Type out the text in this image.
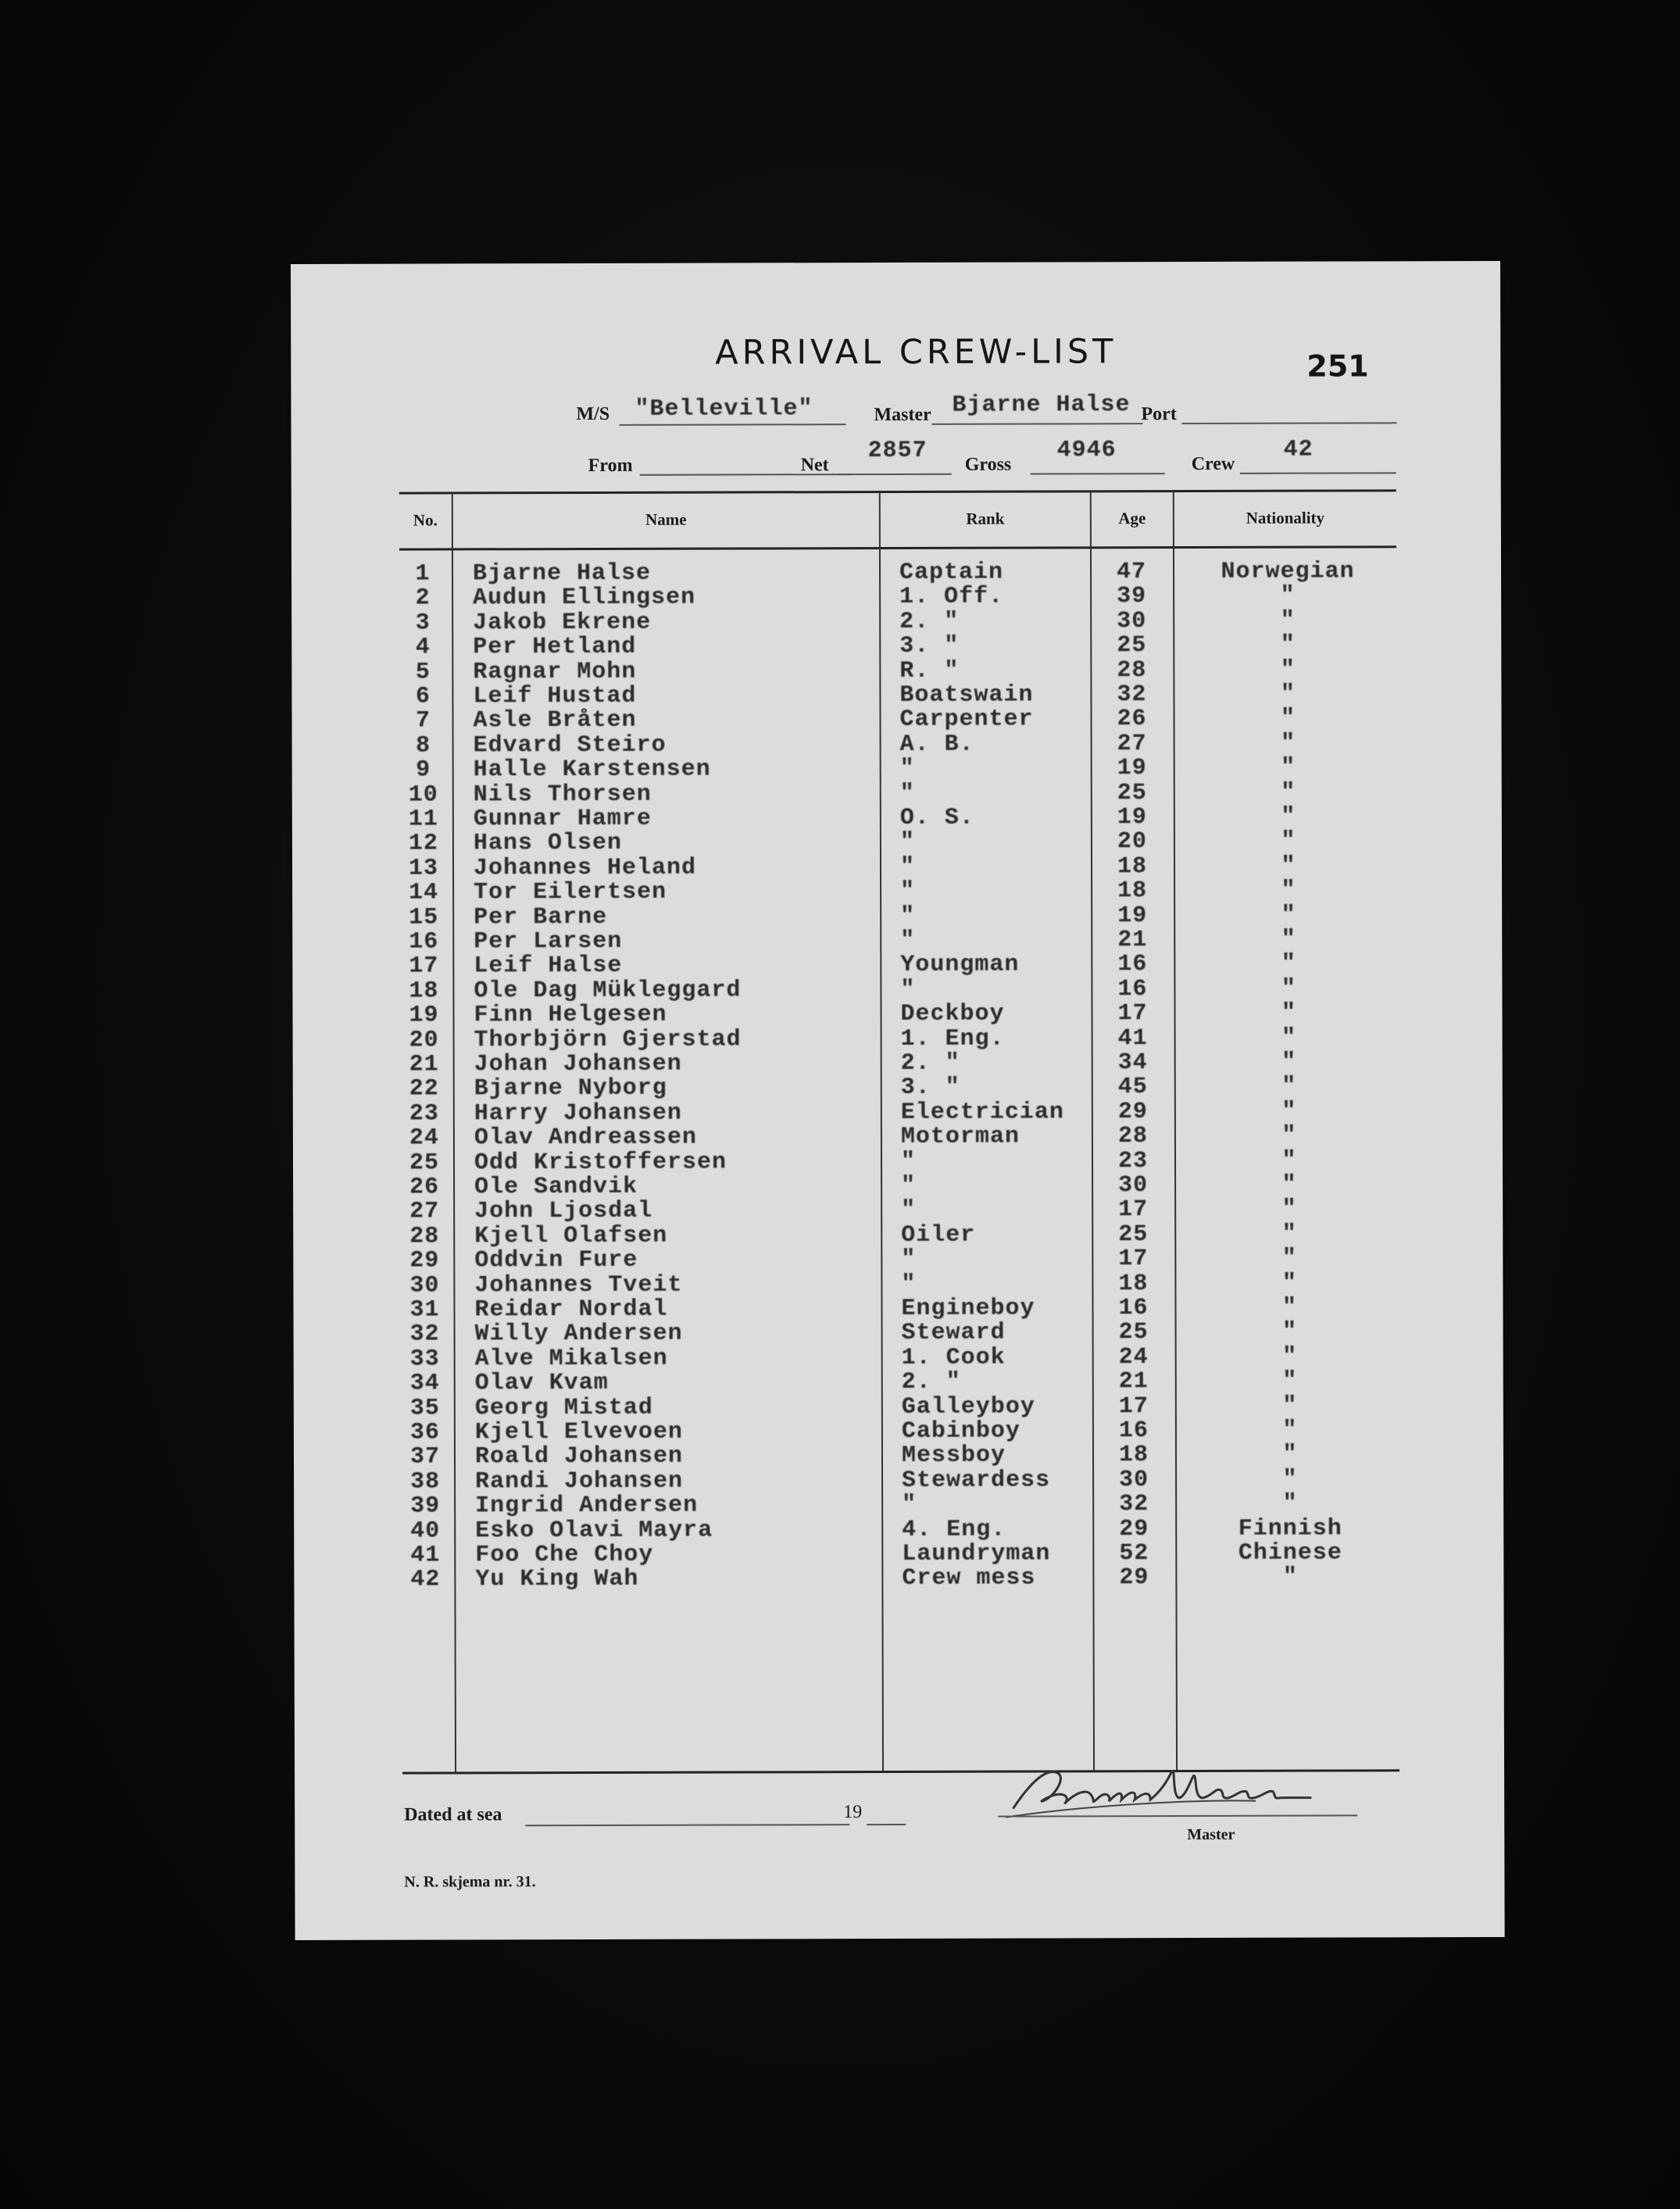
ARRIVAL CREW-LIST	251
M/S "Belleville"	Master Bjarne Halse Port
From	Net
2857
Gross
4946
Crew
42
No.	Name	Rank	Age	Nationality
1	Bjarne Halse	Captain	47	Norwegian
2	Audun Ellingsen	1. Off.	39	"
3	Jakob Ekrene	2. "	30	"
4	Per Hetland	3. "	25	"
5	Ragnar Mohn	R. "	28	"
6	Leif Hustad	Boatswain	32	"
7	Asle Bråten	Carpenter	26	"
8	Edvard Steiro	A. B.	27	"
9	Halle Karstensen	"	19	"
10	Nils Thorsen	"	25	"
11	Gunnar Hamre	O. S.	19	"
12	Hans Olsen	"	20	"
13	Johannes Heland	"	18	"
14	Tor Eilertsen	"	18	"
15	Per Barne	"	19	"
16	Per Larsen	"	21	"
17	Leif Halse	Youngman	16	"
18	Ole Dag Mükleggard	"	16	"
19	Finn Helgesen	Deckboy	17	"
20	Thorbjörn Gjerstad	1. Eng.	41	"
21	Johan Johansen	2. "	34	"
22	Bjarne Nyborg	3. "	45	"
23	Harry Johansen	Electrician	29	"
24	Olav Andreassen	Motorman	28	"
25	Odd Kristoffersen	"	23	"
26	Ole Sandvik	"	30	"
27	John Ljosdal	"	17	"
28	Kjell Olafsen	Oiler	25	"
29	Oddvin Fure	"	17	"
30	Johannes Tveit	"	18	"
31	Reidar Nordal	Engineboy	16	"
32	Willy Andersen	Steward	25	"
33	Alve Mikalsen	1. Cook	24	"
34	Olav Kvam	2. "	21	"
35	Georg Mistad	Galleyboy	17	"
36	Kjell Elvevoen	Cabinboy	16	"
37	Roald Johansen	Messboy	18	"
38	Randi Johansen	Stewardess	30	"
39	Ingrid Andersen	"	32	"
40	Esko Olavi Mayra	4. Eng.	29	Finnish
41	Foo Che Choy	Laundryman	52	Chinese
42	Yu King Wah	Crew mess	29	"
Dated at sea	19
Master
N. R. skjema nr. 31.
